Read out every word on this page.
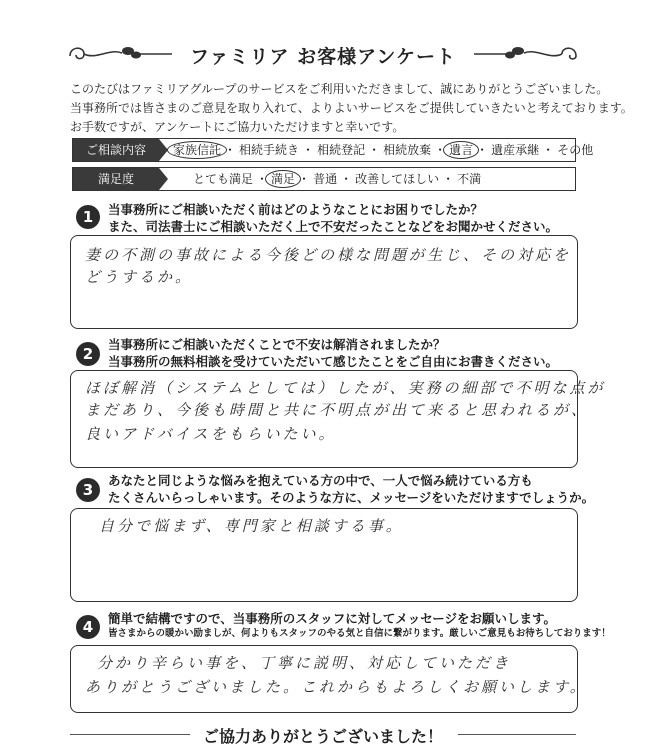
ファミリア お客様アンケート
このたびはファミリアグループのサービスをご利用いただきまして、誠にありがとうございました。
当事務所では皆さまのご意見を取り入れて、よりよいサービスをご提供していきたいと考えております。
お手数ですが、アンケートにご協力いただけますと幸いです。
ご相談内容	家族信託 ・ 相続手続き ・ 相続登記 ・ 相続放棄 ・ 遺言 ・ 遺産承継 ・ その他
満足度	とても満足 ・ 満足 ・ 普通 ・ 改善してほしい ・ 不満
1	当事務所にご相談いただく前はどのようなことにお困りでしたか？
また、司法書士にご相談いただく上で不安だったことなどをお聞かせください。
妻の不測の事故による今後どの様な問題が生じ、その対応を
どうするか。
2
当事務所にご相談いただくことで不安は解消されましたか？
当事務所の無料相談を受けていただいて感じたことをご自由にお書きください。
ほぼ解消（システムとしては）したが、実務の細部で不明な点が
まだあり、今後も時間と共に不明点が出て来ると思われるが、
良いアドバイスをもらいたい。
3
あなたと同じような悩みを抱えている方の中で、一人で悩み続けている方も
たくさんいらっしゃいます。そのような方に、メッセージをいただけますでしょうか。
自分で悩まず、専門家と相談する事。
4	簡単で結構ですので、当事務所のスタッフに対してメッセージをお願いします。
皆さまからの暖かい励ましが、何よりもスタッフのやる気と自信に繋がります。厳しいご意見もお待ちしております！
分かり辛らい事を、丁寧に説明、対応していただき
ありがとうございました。これからもよろしくお願いします。
ご協力ありがとうございました！
